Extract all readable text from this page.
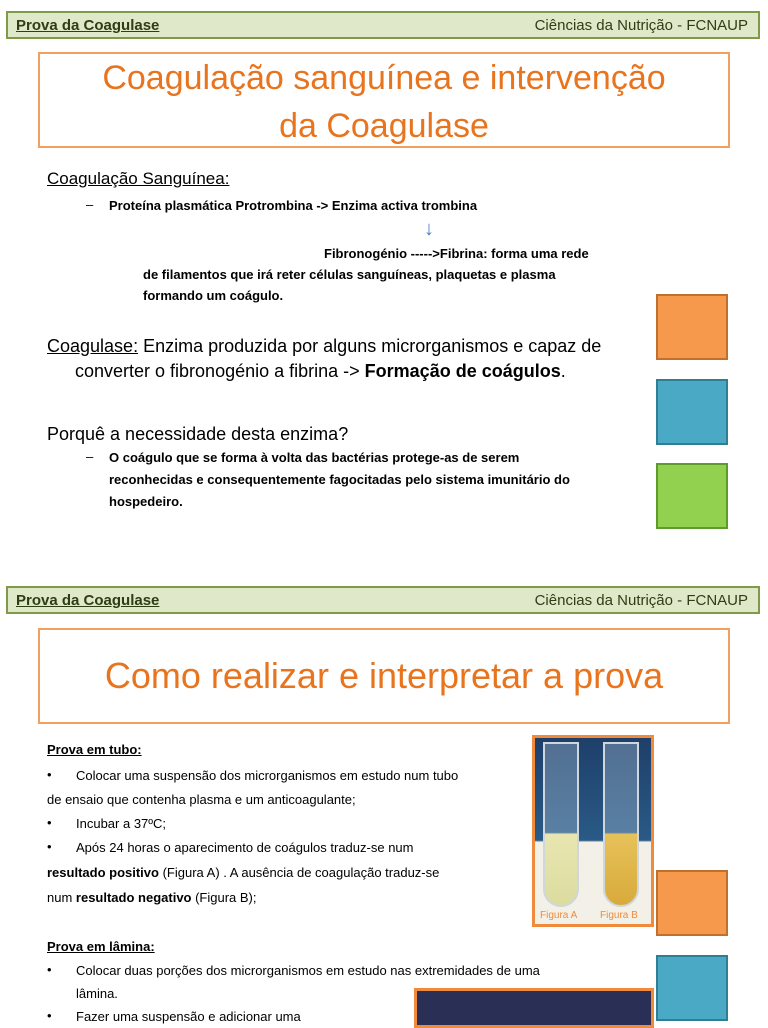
Prova da Coagulase	Ciências da Nutrição - FCNAUP
Coagulação sanguínea e intervenção
da Coagulase
Coagulação Sanguínea:
– Proteína plasmática Protrombina -> Enzima activa trombina
↓
Fibronogénio ----->Fibrina: forma uma rede
de filamentos que irá reter células sanguíneas, plaquetas e plasma
formando um coágulo.
Coagulase: Enzima produzida por alguns microrganismos e capaz de
converter o fibronogénio a fibrina -> Formação de coágulos.
Porquê a necessidade desta enzima?
– O coágulo que se forma à volta das bactérias protege-as de serem
reconhecidas e consequentemente fagocitadas pelo sistema imunitário do
hospedeiro.
Prova da Coagulase	Ciências da Nutrição - FCNAUP
Como realizar e interpretar a prova
Prova em tubo:
• Colocar uma suspensão dos microrganismos em estudo num tubo
de ensaio que contenha plasma e um anticoagulante;
• Incubar a 37ºC;
• Após 24 horas o aparecimento de coágulos traduz-se num
resultado positivo (Figura A) . A ausência de coagulação traduz-se
num resultado negativo (Figura B);
Figura A Figura B
Prova em lâmina:
• Colocar duas porções dos microrganismos em estudo nas extremidades de uma
lâmina.
• Fazer uma suspensão e adicionar uma
